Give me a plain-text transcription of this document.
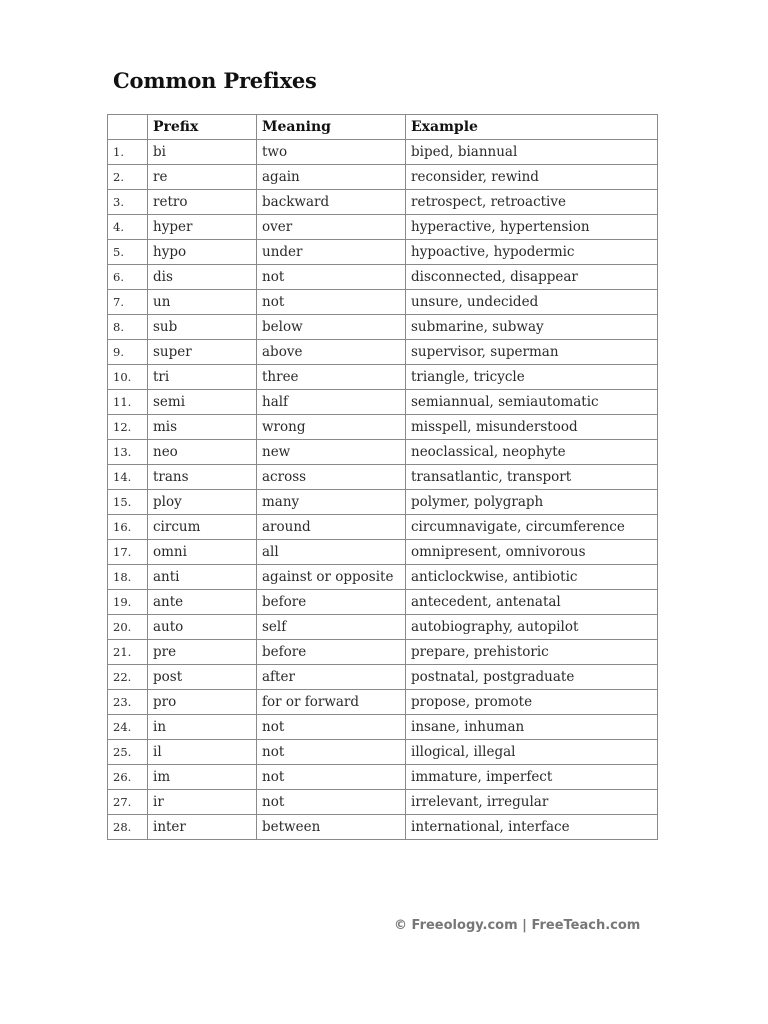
Common Prefixes
	Prefix	Meaning	Example
1.	bi	two	biped, biannual
2.	re	again	reconsider, rewind
3.	retro	backward	retrospect, retroactive
4.	hyper	over	hyperactive, hypertension
5.	hypo	under	hypoactive, hypodermic
6.	dis	not	disconnected, disappear
7.	un	not	unsure, undecided
8.	sub	below	submarine, subway
9.	super	above	supervisor, superman
10.	tri	three	triangle, tricycle
11.	semi	half	semiannual, semiautomatic
12.	mis	wrong	misspell, misunderstood
13.	neo	new	neoclassical, neophyte
14.	trans	across	transatlantic, transport
15.	ploy	many	polymer, polygraph
16.	circum	around	circumnavigate, circumference
17.	omni	all	omnipresent, omnivorous
18.	anti	against or opposite	anticlockwise, antibiotic
19.	ante	before	antecedent, antenatal
20.	auto	self	autobiography, autopilot
21.	pre	before	prepare, prehistoric
22.	post	after	postnatal, postgraduate
23.	pro	for or forward	propose, promote
24.	in	not	insane, inhuman
25.	il	not	illogical, illegal
26.	im	not	immature, imperfect
27.	ir	not	irrelevant, irregular
28.	inter	between	international, interface
© Freeology.com | FreeTeach.com
